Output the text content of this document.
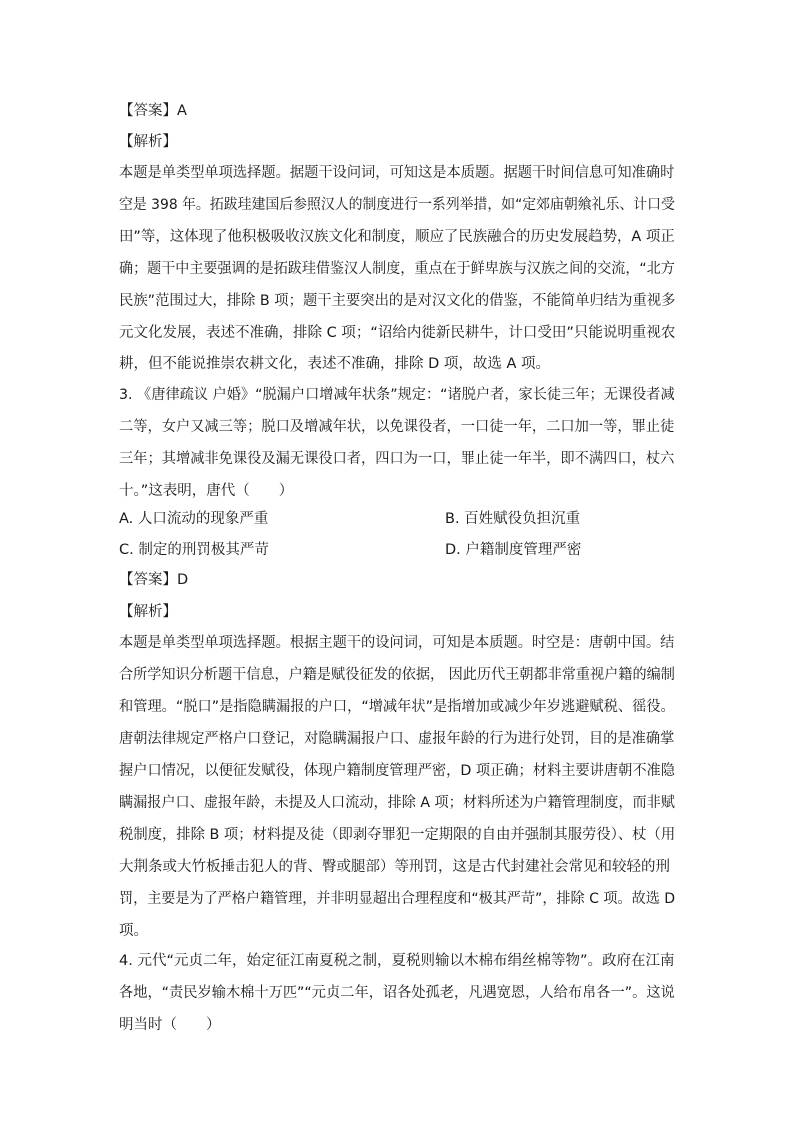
【答案】A
【解析】
本题是单类型单项选择题。据题干设问词，可知这是本质题。据题干时间信息可知准确时
空是 398 年。拓跋珪建国后参照汉人的制度进行一系列举措，如“定郊庙朝飨礼乐、计口受
田”等，这体现了他积极吸收汉族文化和制度，顺应了民族融合的历史发展趋势，A 项正
确；题干中主要强调的是拓跋珪借鉴汉人制度，重点在于鲜卑族与汉族之间的交流，“北方
民族”范围过大，排除 B 项；题干主要突出的是对汉文化的借鉴，不能简单归结为重视多
元文化发展，表述不准确，排除 C 项；“诏给内徙新民耕牛，计口受田”只能说明重视农
耕，但不能说推崇农耕文化，表述不准确，排除 D 项，故选 A 项。
3. 《唐律疏议 户婚》“脱漏户口增减年状条”规定：“诸脱户者，家长徒三年；无课役者减
二等，女户又减三等；脱口及增减年状，以免课役者，一口徒一年，二口加一等，罪止徒
三年；其增减非免课役及漏无课役口者，四口为一口，罪止徒一年半，即不满四口，杖六
十。”这表明，唐代（　　）
A. 人口流动的现象严重	B. 百姓赋役负担沉重
C. 制定的刑罚极其严苛	D. 户籍制度管理严密
【答案】D
【解析】
本题是单类型单项选择题。根据主题干的设问词，可知是本质题。时空是：唐朝中国。结
合所学知识分析题干信息，户籍是赋役征发的依据， 因此历代王朝都非常重视户籍的编制
和管理。“脱口”是指隐瞒漏报的户口，“增减年状”是指增加或减少年岁逃避赋税、徭役。
唐朝法律规定严格户口登记，对隐瞒漏报户口、虚报年龄的行为进行处罚，目的是准确掌
握户口情况，以便征发赋役，体现户籍制度管理严密，D 项正确；材料主要讲唐朝不准隐
瞒漏报户口、虚报年龄，未提及人口流动，排除 A 项；材料所述为户籍管理制度，而非赋
税制度，排除 B 项；材料提及徒（即剥夺罪犯一定期限的自由并强制其服劳役）、杖（用
大荆条或大竹板捶击犯人的背、臀或腿部）等刑罚，这是古代封建社会常见和较轻的刑
罚，主要是为了严格户籍管理，并非明显超出合理程度和“极其严苛”，排除 C 项。故选 D
项。
4. 元代“元贞二年，始定征江南夏税之制，夏税则输以木棉布绢丝棉等物”。政府在江南
各地，“责民岁输木棉十万匹”“元贞二年，诏各处孤老，凡遇宽恩，人给布帛各一”。这说
明当时（　　）
